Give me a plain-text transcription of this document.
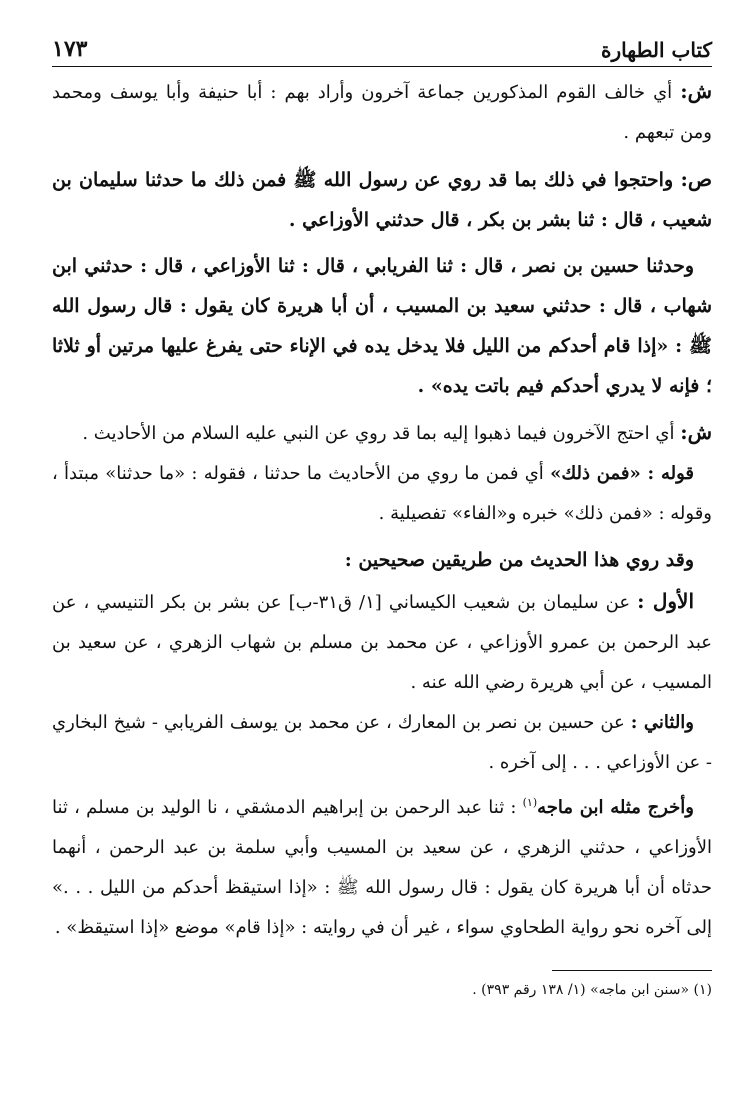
كتاب الطهارة
١٧٣

ش: أي خالف القوم المذكورين جماعة آخرون وأراد بهم : أبا حنيفة وأبا يوسف ومحمد ومن تبعهم .

ص: واحتجوا في ذلك بما قد روي عن رسول الله ﷺ فمن ذلك ما حدثنا سليمان بن شعيب ، قال : ثنا بشر بن بكر ، قال حدثني الأوزاعي .

وحدثنا حسين بن نصر ، قال : ثنا الفريابي ، قال : ثنا الأوزاعي ، قال : حدثني ابن شهاب ، قال : حدثني سعيد بن المسيب ، أن أبا هريرة كان يقول : قال رسول الله ﷺ : «إذا قام أحدكم من الليل فلا يدخل يده في الإناء حتى يفرغ عليها مرتين أو ثلاثا ؛ فإنه لا يدري أحدكم فيم باتت يده» .

ش: أي احتج الآخرون فيما ذهبوا إليه بما قد روي عن النبي عليه السلام من الأحاديث .

قوله : «فمن ذلك» أي فمن ما روي من الأحاديث ما حدثنا ، فقوله : «ما حدثنا» مبتدأ ، وقوله : «فمن ذلك» خبره و«الفاء» تفصيلية .

وقد روي هذا الحديث من طريقين صحيحين :

الأول : عن سليمان بن شعيب الكيساني [١/ ق٣١-ب] عن بشر بن بكر التنيسي ، عن عبد الرحمن بن عمرو الأوزاعي ، عن محمد بن مسلم بن شهاب الزهري ، عن سعيد بن المسيب ، عن أبي هريرة رضي الله عنه .

والثاني : عن حسين بن نصر بن المعارك ، عن محمد بن يوسف الفريابي - شيخ البخاري - عن الأوزاعي . . . إلى آخره .

وأخرج مثله ابن ماجه$^{(١)}$ : ثنا عبد الرحمن بن إبراهيم الدمشقي ، نا الوليد بن مسلم ، ثنا الأوزاعي ، حدثني الزهري ، عن سعيد بن المسيب وأبي سلمة بن عبد الرحمن ، أنهما حدثاه أن أبا هريرة كان يقول : قال رسول الله ﷺ : «إذا استيقظ أحدكم من الليل . . .» إلى آخره نحو رواية الطحاوي سواء ، غير أن في روايته : «إذا قام» موضع «إذا استيقظ» .

(١) «سنن ابن ماجه» (١/ ١٣٨ رقم ٣٩٣) .
